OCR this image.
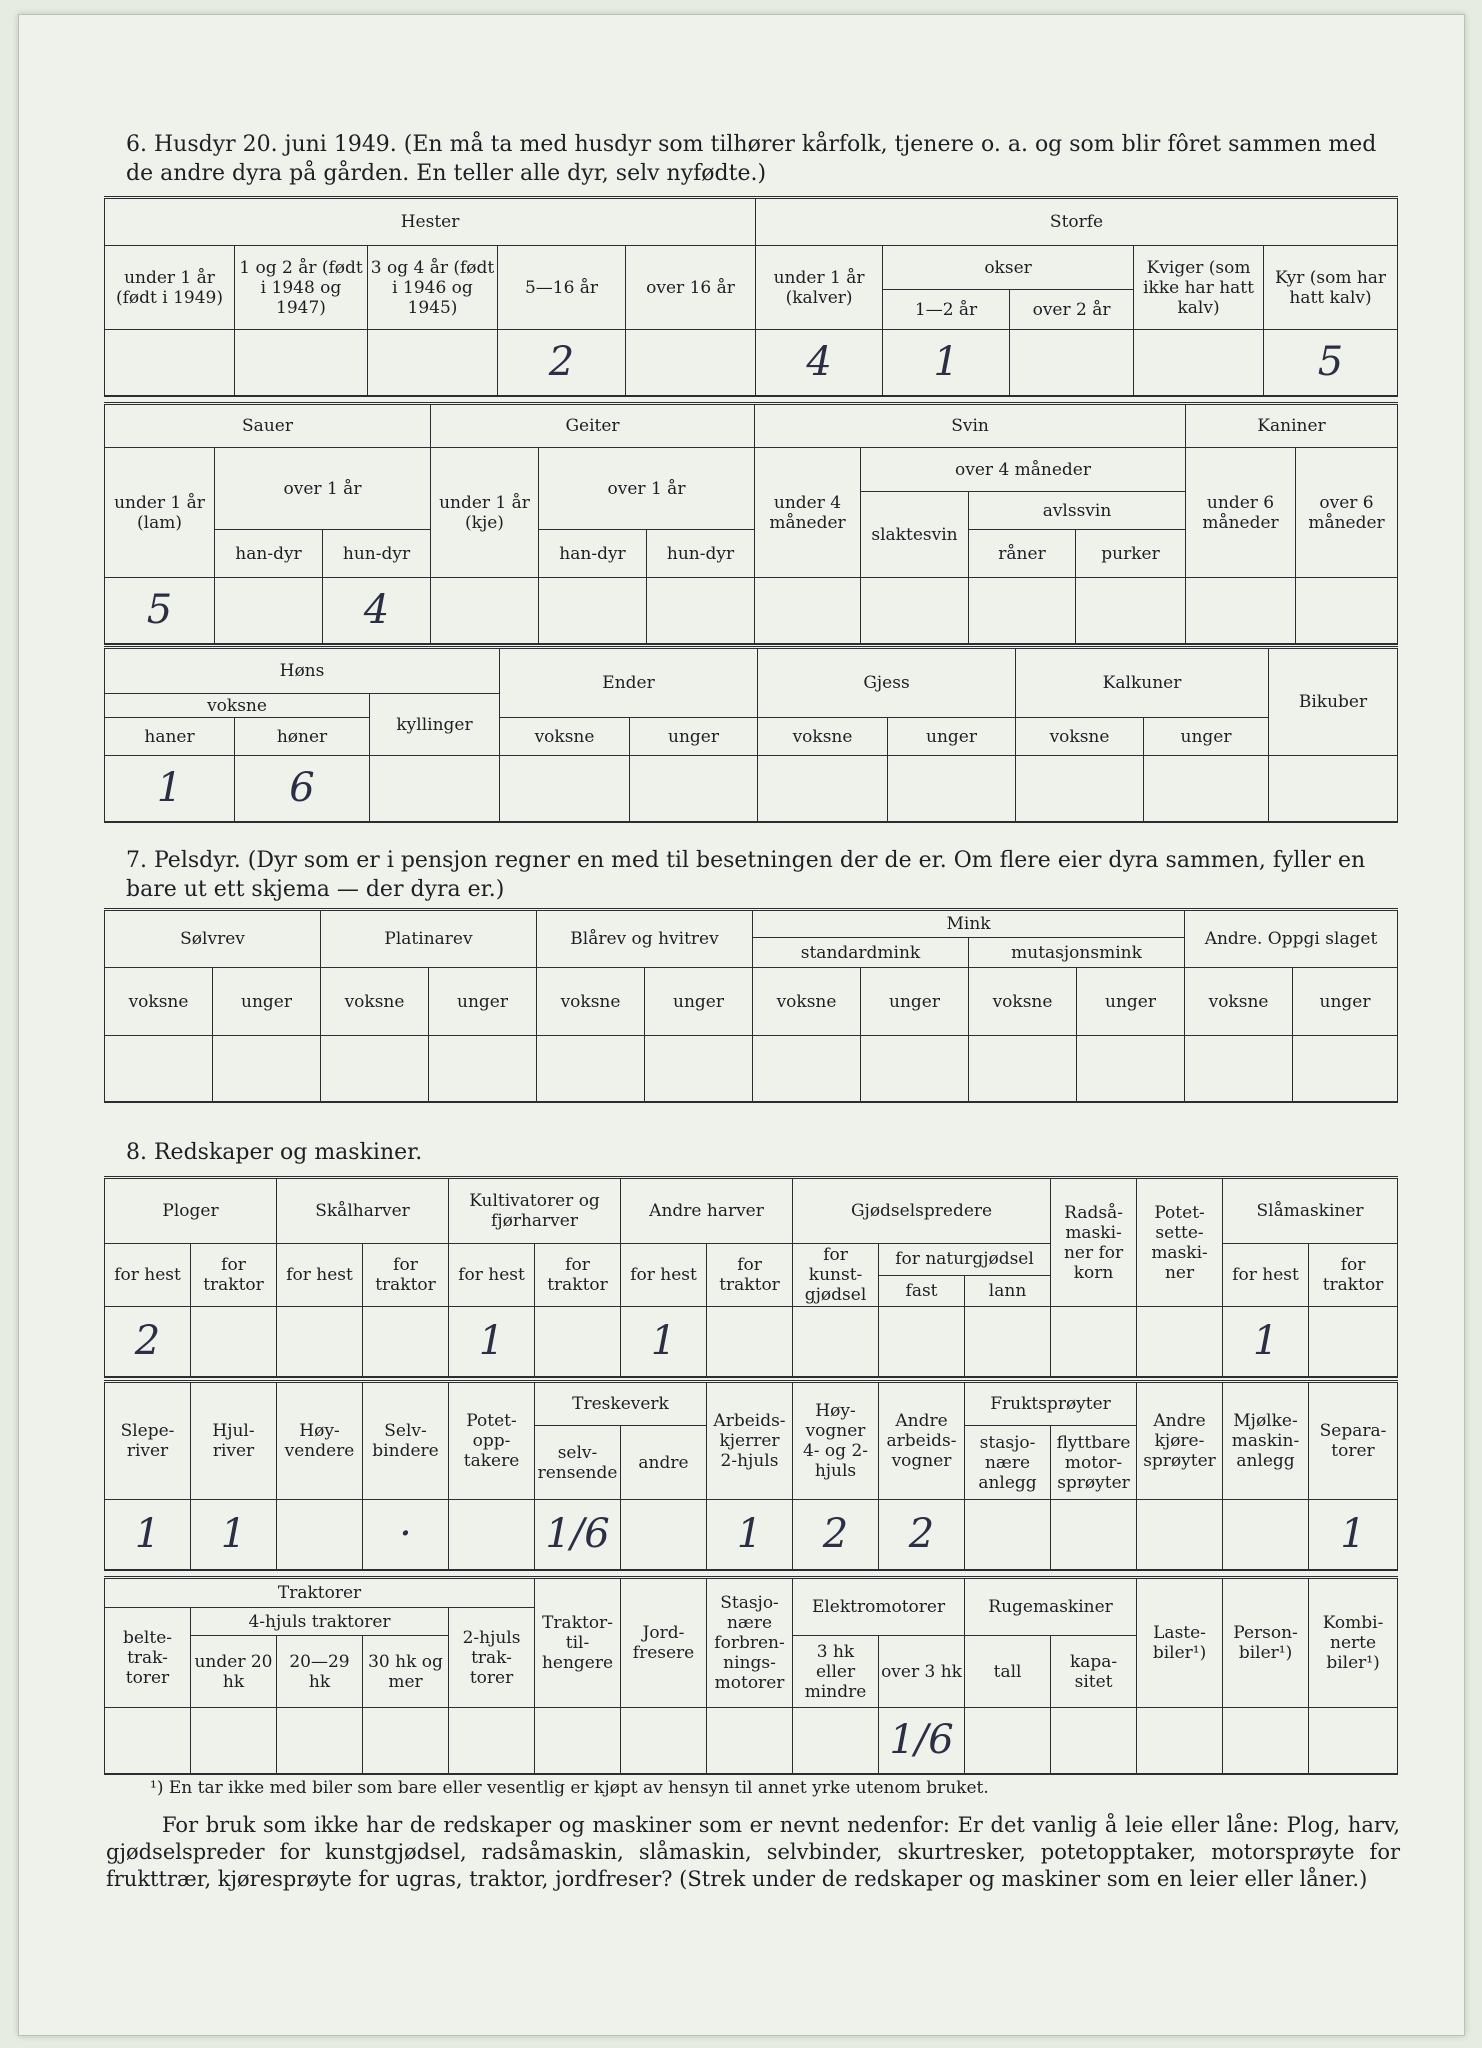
6. Husdyr 20. juni 1949. (En må ta med husdyr som tilhører kårfolk, tjenere o. a. og som blir fôret sammen med de andre dyra på gården. En teller alle dyr, selv nyfødte.)
Hester					Storfe				
under 1 år (født i 1949)	1 og 2 år (født i 1948 og 1947)	3 og 4 år (født i 1946 og 1945)	5—16 år	over 16 år	under 1 år (kalver)	okser		Kviger (som ikke har hatt kalv)	Kyr (som har hatt kalv)
						1—2 år	over 2 år		
			2		4	1			5
Sauer			Geiter			Svin				Kaniner	
under 1 år (lam)	over 1 år		under 1 år (kje)	over 1 år		under 4 måneder	over 4 måneder			under 6 måneder	over 6 måneder
							slaktesvin	avlssvin			
	han-dyr	hun-dyr		han-dyr	hun-dyr			råner	purker		
5		4									
Høns			Ender		Gjess		Kalkuner		Bikuber
voksne		kyllinger							
haner	høner		voksne	unger	voksne	unger	voksne	unger	

1	6								
7. Pelsdyr. (Dyr som er i pensjon regner en med til besetningen der de er. Om flere eier dyra sammen, fyller en bare ut ett skjema — der dyra er.)
Sølvrev		Platinarev		Blårev og hvitrev		Mink				Andre. Oppgi slaget	
						standardmink		mutasjonsmink			
voksne	unger	voksne	unger	voksne	unger	voksne	unger	voksne	unger	voksne	unger

8. Redskaper og maskiner.
Ploger		Skålharver		Kultivatorer og fjørharver		Andre harver		Gjødselspredere			Radså-maski-ner for korn	Potet-sette-maski-ner	Slåmaskiner	
for hest	for traktor	for hest	for traktor	for hest	for traktor	for hest	for traktor	for kunst-gjødsel	for naturgjødsel				for hest	for traktor
									fast	lann				
2				1		1							1	
Slepe-river	Hjul-river	Høy-vendere	Selv-bindere	Potet-opp-takere	Treskeverk		Arbeids-kjerrer 2-hjuls	Høy-vogner 4- og 2-hjuls	Andre arbeids-vogner	Fruktsprøyter		Andre kjøre-sprøyter	Mjølke-maskin-anlegg	Separa-torer
					selv-rensende	andre				stasjo-nære anlegg	flyttbare motor-sprøyter			
1	1		·		1/6		1	2	2					1
Traktorer					Traktor-til-hengere	Jord-fresere	Stasjo-nære forbren-nings-motorer	Elektromotorer		Rugemaskiner		Laste-biler¹)	Person-biler¹)	Kombi-nerte biler¹)
belte-trak-torer	4-hjuls traktorer			2-hjuls trak-torer										
	under 20 hk	20—29 hk	30 hk og mer					3 hk eller mindre	over 3 hk	tall	kapa-sitet			
									1/6					
¹) En tar ikke med biler som bare eller vesentlig er kjøpt av hensyn til annet yrke utenom bruket.
For bruk som ikke har de redskaper og maskiner som er nevnt nedenfor: Er det vanlig å leie eller låne: Plog, harv, gjødselspreder for kunstgjødsel, radsåmaskin, slåmaskin, selvbinder, skurtresker, potetopptaker, motorsprøyte for frukttrær, kjøresprøyte for ugras, traktor, jordfreser? (Strek under de redskaper og maskiner som en leier eller låner.)
